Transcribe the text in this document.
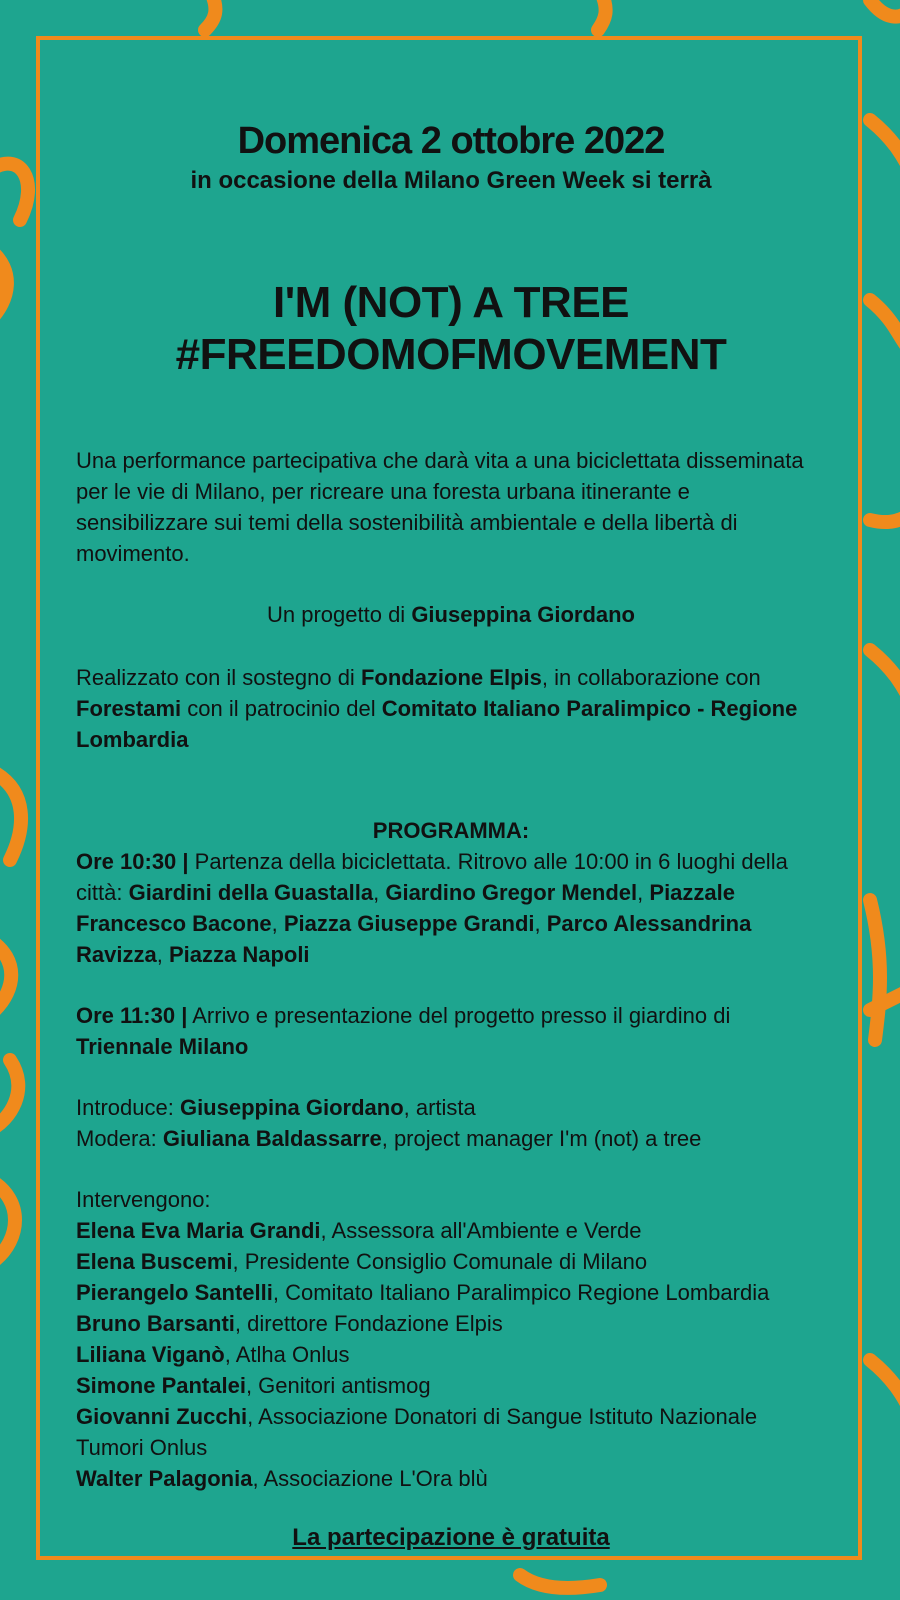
Domenica 2 ottobre 2022
in occasione della Milano Green Week si terrà
I'M (NOT) A TREE
#FREEDOMOFMOVEMENT

Una performance partecipativa che darà vita a una biciclettata disseminata per le vie di Milano, per ricreare una foresta urbana itinerante e sensibilizzare sui temi della sostenibilità ambientale e della libertà di movimento.

Un progetto di Giuseppina Giordano

Realizzato con il sostegno di Fondazione Elpis, in collaborazione con Forestami con il patrocinio del Comitato Italiano Paralimpico - Regione Lombardia

PROGRAMMA:

Ore 10:30 | Partenza della biciclettata. Ritrovo alle 10:00 in 6 luoghi della città: Giardini della Guastalla, Giardino Gregor Mendel, Piazzale Francesco Bacone, Piazza Giuseppe Grandi, Parco Alessandrina Ravizza, Piazza Napoli

Ore 11:30 | Arrivo e presentazione del progetto presso il giardino di Triennale Milano

Introduce: Giuseppina Giordano, artista

Modera: Giuliana Baldassarre, project manager I'm (not) a tree

Intervengono:

Elena Eva Maria Grandi, Assessora all'Ambiente e Verde

Elena Buscemi, Presidente Consiglio Comunale di Milano

Pierangelo Santelli, Comitato Italiano Paralimpico Regione Lombardia

Bruno Barsanti, direttore Fondazione Elpis

Liliana Viganò, Atlha Onlus

Simone Pantalei, Genitori antismog

Giovanni Zucchi, Associazione Donatori di Sangue Istituto Nazionale Tumori Onlus

Walter Palagonia, Associazione L'Ora blù

La partecipazione è gratuita
